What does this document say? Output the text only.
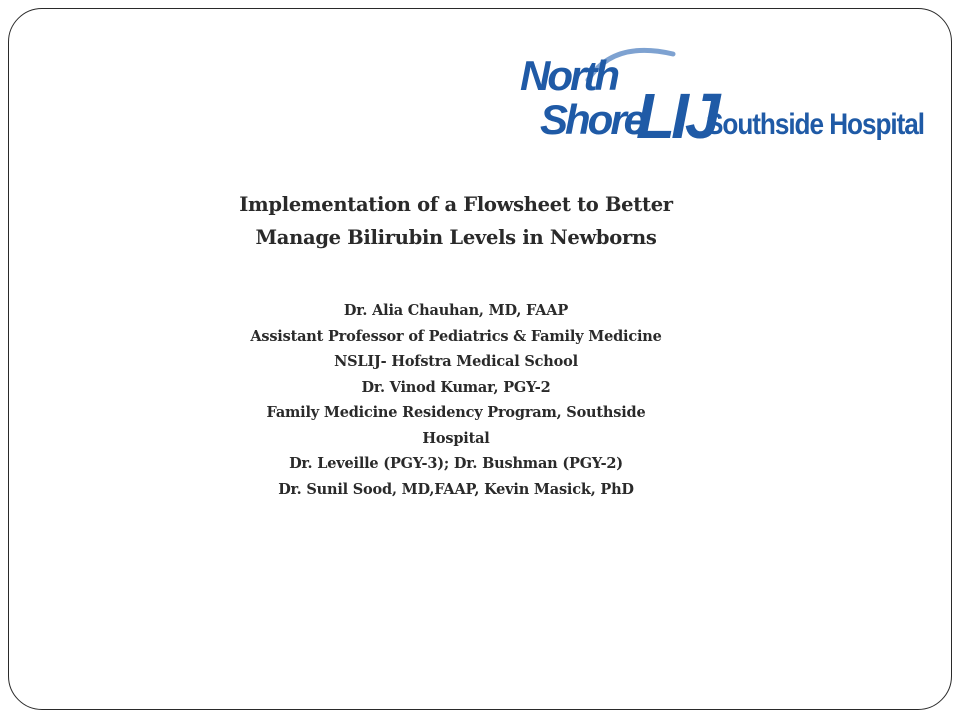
North
Shore
LIJ
Southside Hospital
Implementation of a Flowsheet to Better
Manage Bilirubin Levels in Newborns
Dr. Alia Chauhan, MD, FAAP
Assistant Professor of Pediatrics & Family Medicine
NSLIJ- Hofstra Medical School
Dr. Vinod Kumar, PGY-2
Family Medicine Residency Program, Southside
Hospital
Dr. Leveille (PGY-3); Dr. Bushman (PGY-2)
Dr. Sunil Sood, MD,FAAP, Kevin Masick, PhD
